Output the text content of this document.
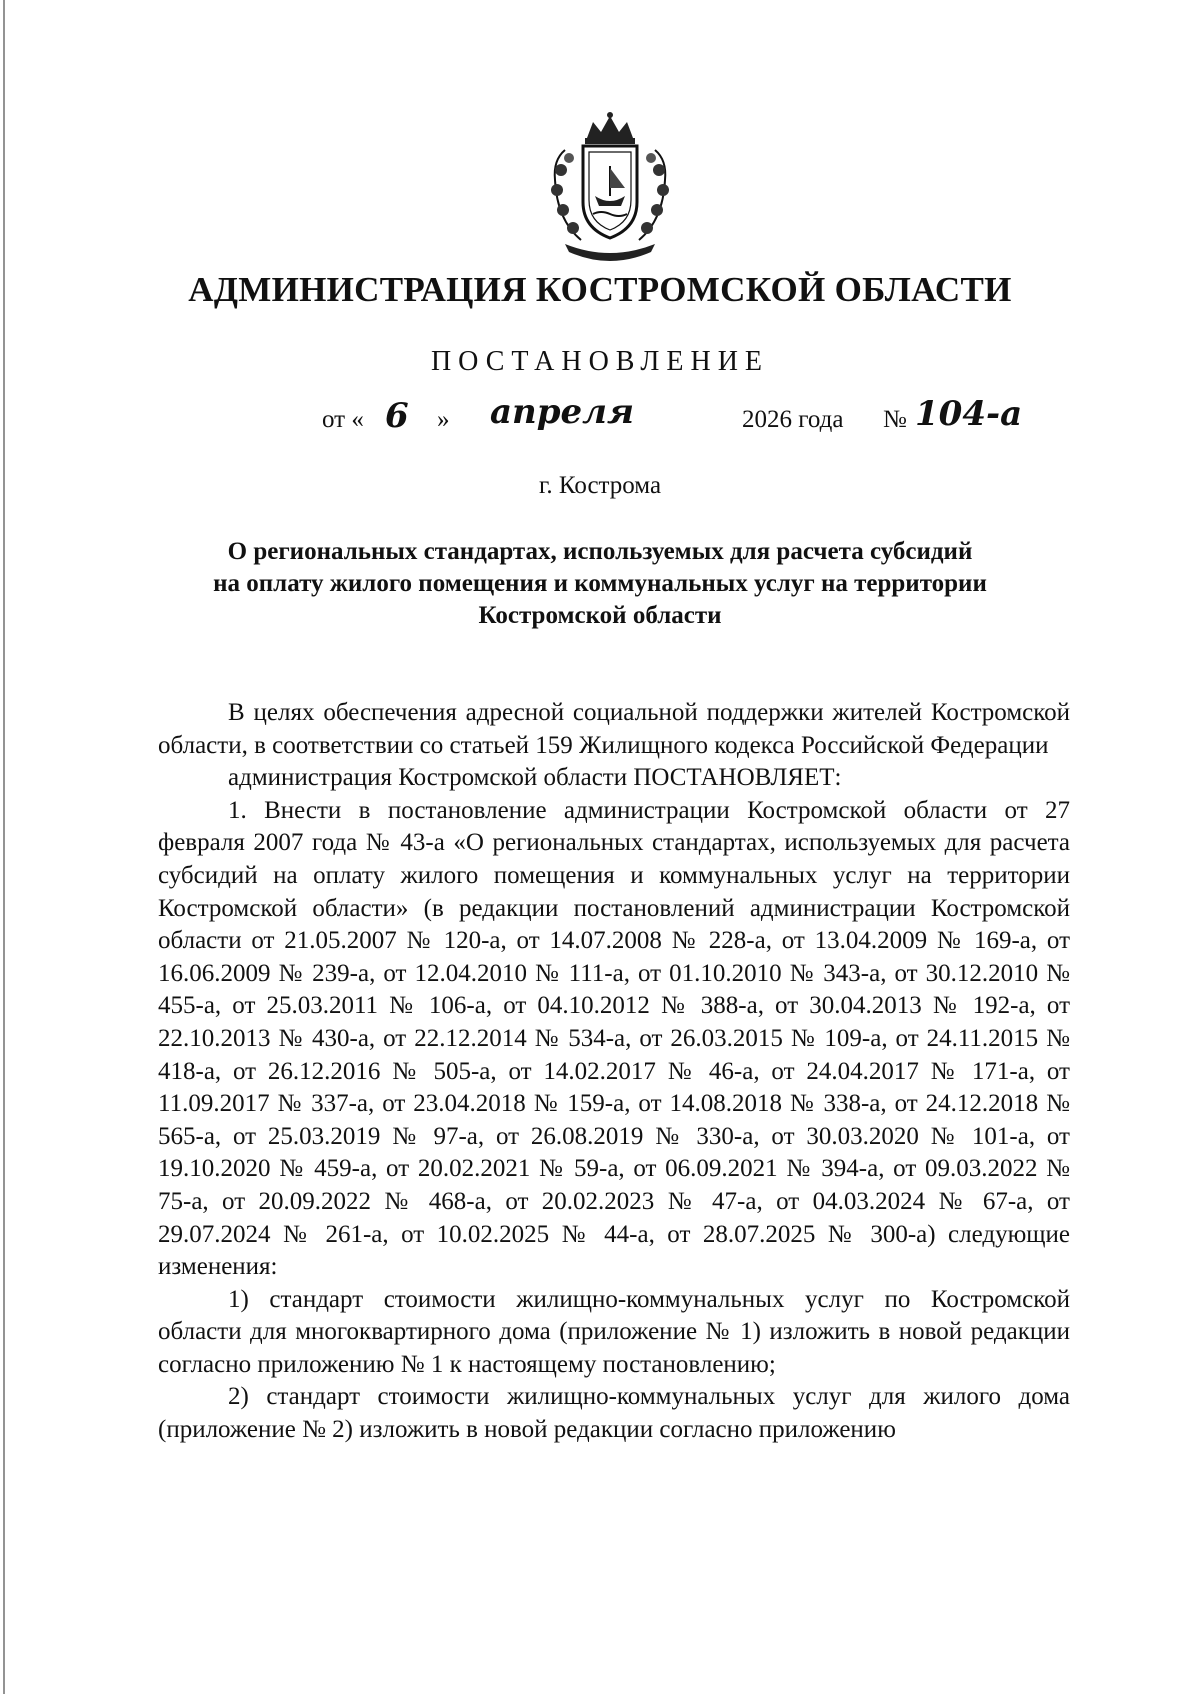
АДМИНИСТРАЦИЯ КОСТРОМСКОЙ ОБЛАСТИ
ПОСТАНОВЛЕНИЕ
от « 6 » апреля	2026 года № 104-а
г. Кострома
О региональных стандартах, используемых для расчета субсидий
на оплату жилого помещения и коммунальных услуг на территории
Костромской области

В целях обеспечения адресной социальной поддержки жителей Костромской области, в соответствии со статьей 159 Жилищного кодекса Российской Федерации

администрация Костромской области ПОСТАНОВЛЯЕТ:

1. Внести в постановление администрации Костромской области от 27 февраля 2007 года № 43-а «О региональных стандартах, используемых для расчета субсидий на оплату жилого помещения и коммунальных услуг на территории Костромской области» (в редакции постановлений администрации Костромской области от 21.05.2007 № 120-а, от 14.07.2008 № 228-а, от 13.04.2009 № 169-а, от 16.06.2009 № 239-а, от 12.04.2010 № 111-а, от 01.10.2010 № 343-а, от 30.12.2010 № 455-а, от 25.03.2011 № 106-а, от 04.10.2012 № 388-а, от 30.04.2013 № 192-а, от 22.10.2013 № 430-а, от 22.12.2014 № 534-а, от 26.03.2015 № 109-а, от 24.11.2015 № 418-а, от 26.12.2016 № 505-а, от 14.02.2017 № 46-а, от 24.04.2017 № 171-а, от 11.09.2017 № 337-а, от 23.04.2018 № 159-а, от 14.08.2018 № 338-а, от 24.12.2018 № 565-а, от 25.03.2019 № 97-а, от 26.08.2019 № 330-а, от 30.03.2020 № 101-а, от 19.10.2020 № 459-а, от 20.02.2021 № 59-а, от 06.09.2021 № 394-а, от 09.03.2022 № 75-а, от 20.09.2022 № 468-а, от 20.02.2023 № 47-а, от 04.03.2024 № 67-а, от 29.07.2024 № 261-а, от 10.02.2025 № 44-а, от 28.07.2025 № 300-а) следующие изменения:

1) стандарт стоимости жилищно-коммунальных услуг по Костромской области для многоквартирного дома (приложение № 1) изложить в новой редакции согласно приложению № 1 к настоящему постановлению;

2) стандарт стоимости жилищно-коммунальных услуг для жилого дома (приложение № 2) изложить в новой редакции согласно приложению
